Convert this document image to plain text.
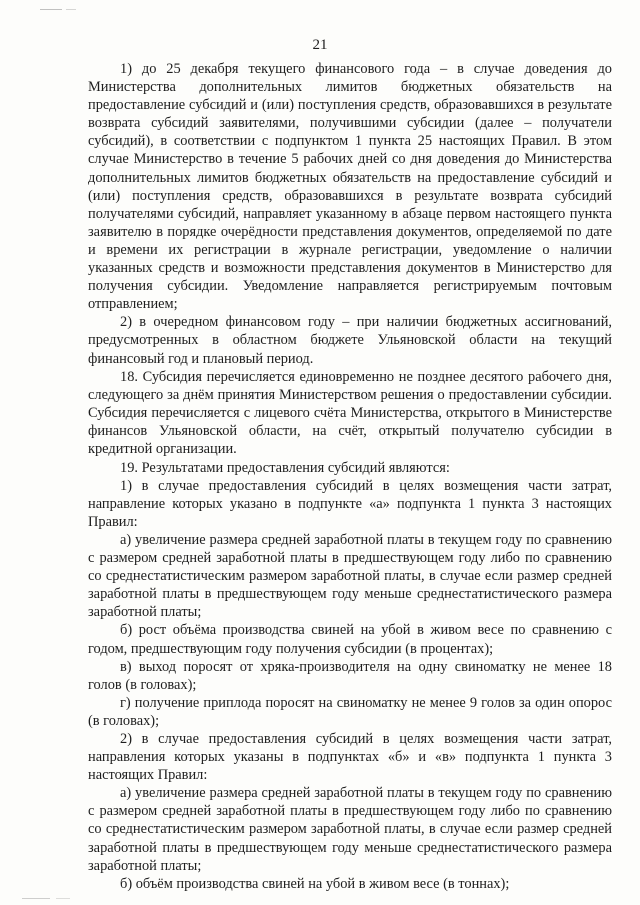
21

1) до 25 декабря текущего финансового года – в случае доведения до Министерства дополнительных лимитов бюджетных обязательств на предоставление субсидий и (или) поступления средств, образовавшихся в результате возврата субсидий заявителями, получившими субсидии (далее – получатели субсидий), в соответствии с подпунктом 1 пункта 25 настоящих Правил. В этом случае Министерство в течение 5 рабочих дней со дня доведения до Министерства дополнительных лимитов бюджетных обязательств на предоставление субсидий и (или) поступления средств, образовавшихся в результате возврата субсидий получателями субсидий, направляет указанному в абзаце первом настоящего пункта заявителю в порядке очерёдности представления документов, определяемой по дате и времени их регистрации в журнале регистрации, уведомление о наличии указанных средств и возможности представления документов в Министерство для получения субсидии. Уведомление направляется регистрируемым почтовым отправлением;

2) в очередном финансовом году – при наличии бюджетных ассигнований, предусмотренных в областном бюджете Ульяновской области на текущий финансовый год и плановый период.

18. Субсидия перечисляется единовременно не позднее десятого рабочего дня, следующего за днём принятия Министерством решения о предоставлении субсидии. Субсидия перечисляется с лицевого счёта Министерства, открытого в Министерстве финансов Ульяновской области, на счёт, открытый получателю субсидии в кредитной организации.

19. Результатами предоставления субсидий являются:

1) в случае предоставления субсидий в целях возмещения части затрат, направление которых указано в подпункте «а» подпункта 1 пункта 3 настоящих Правил:

а) увеличение размера средней заработной платы в текущем году по сравнению с размером средней заработной платы в предшествующем году либо по сравнению со среднестатистическим размером заработной платы, в случае если размер средней заработной платы в предшествующем году меньше среднестатистического размера заработной платы;

б) рост объёма производства свиней на убой в живом весе по сравнению с годом, предшествующим году получения субсидии (в процентах);

в) выход поросят от хряка-производителя на одну свиноматку не менее 18 голов (в головах);

г) получение приплода поросят на свиноматку не менее 9 голов за один опорос (в головах);

2) в случае предоставления субсидий в целях возмещения части затрат, направления которых указаны в подпунктах «б» и «в» подпункта 1 пункта 3 настоящих Правил:

а) увеличение размера средней заработной платы в текущем году по сравнению с размером средней заработной платы в предшествующем году либо по сравнению со среднестатистическим размером заработной платы, в случае если размер средней заработной платы в предшествующем году меньше среднестатистического размера заработной платы;

б) объём производства свиней на убой в живом весе (в тоннах);
